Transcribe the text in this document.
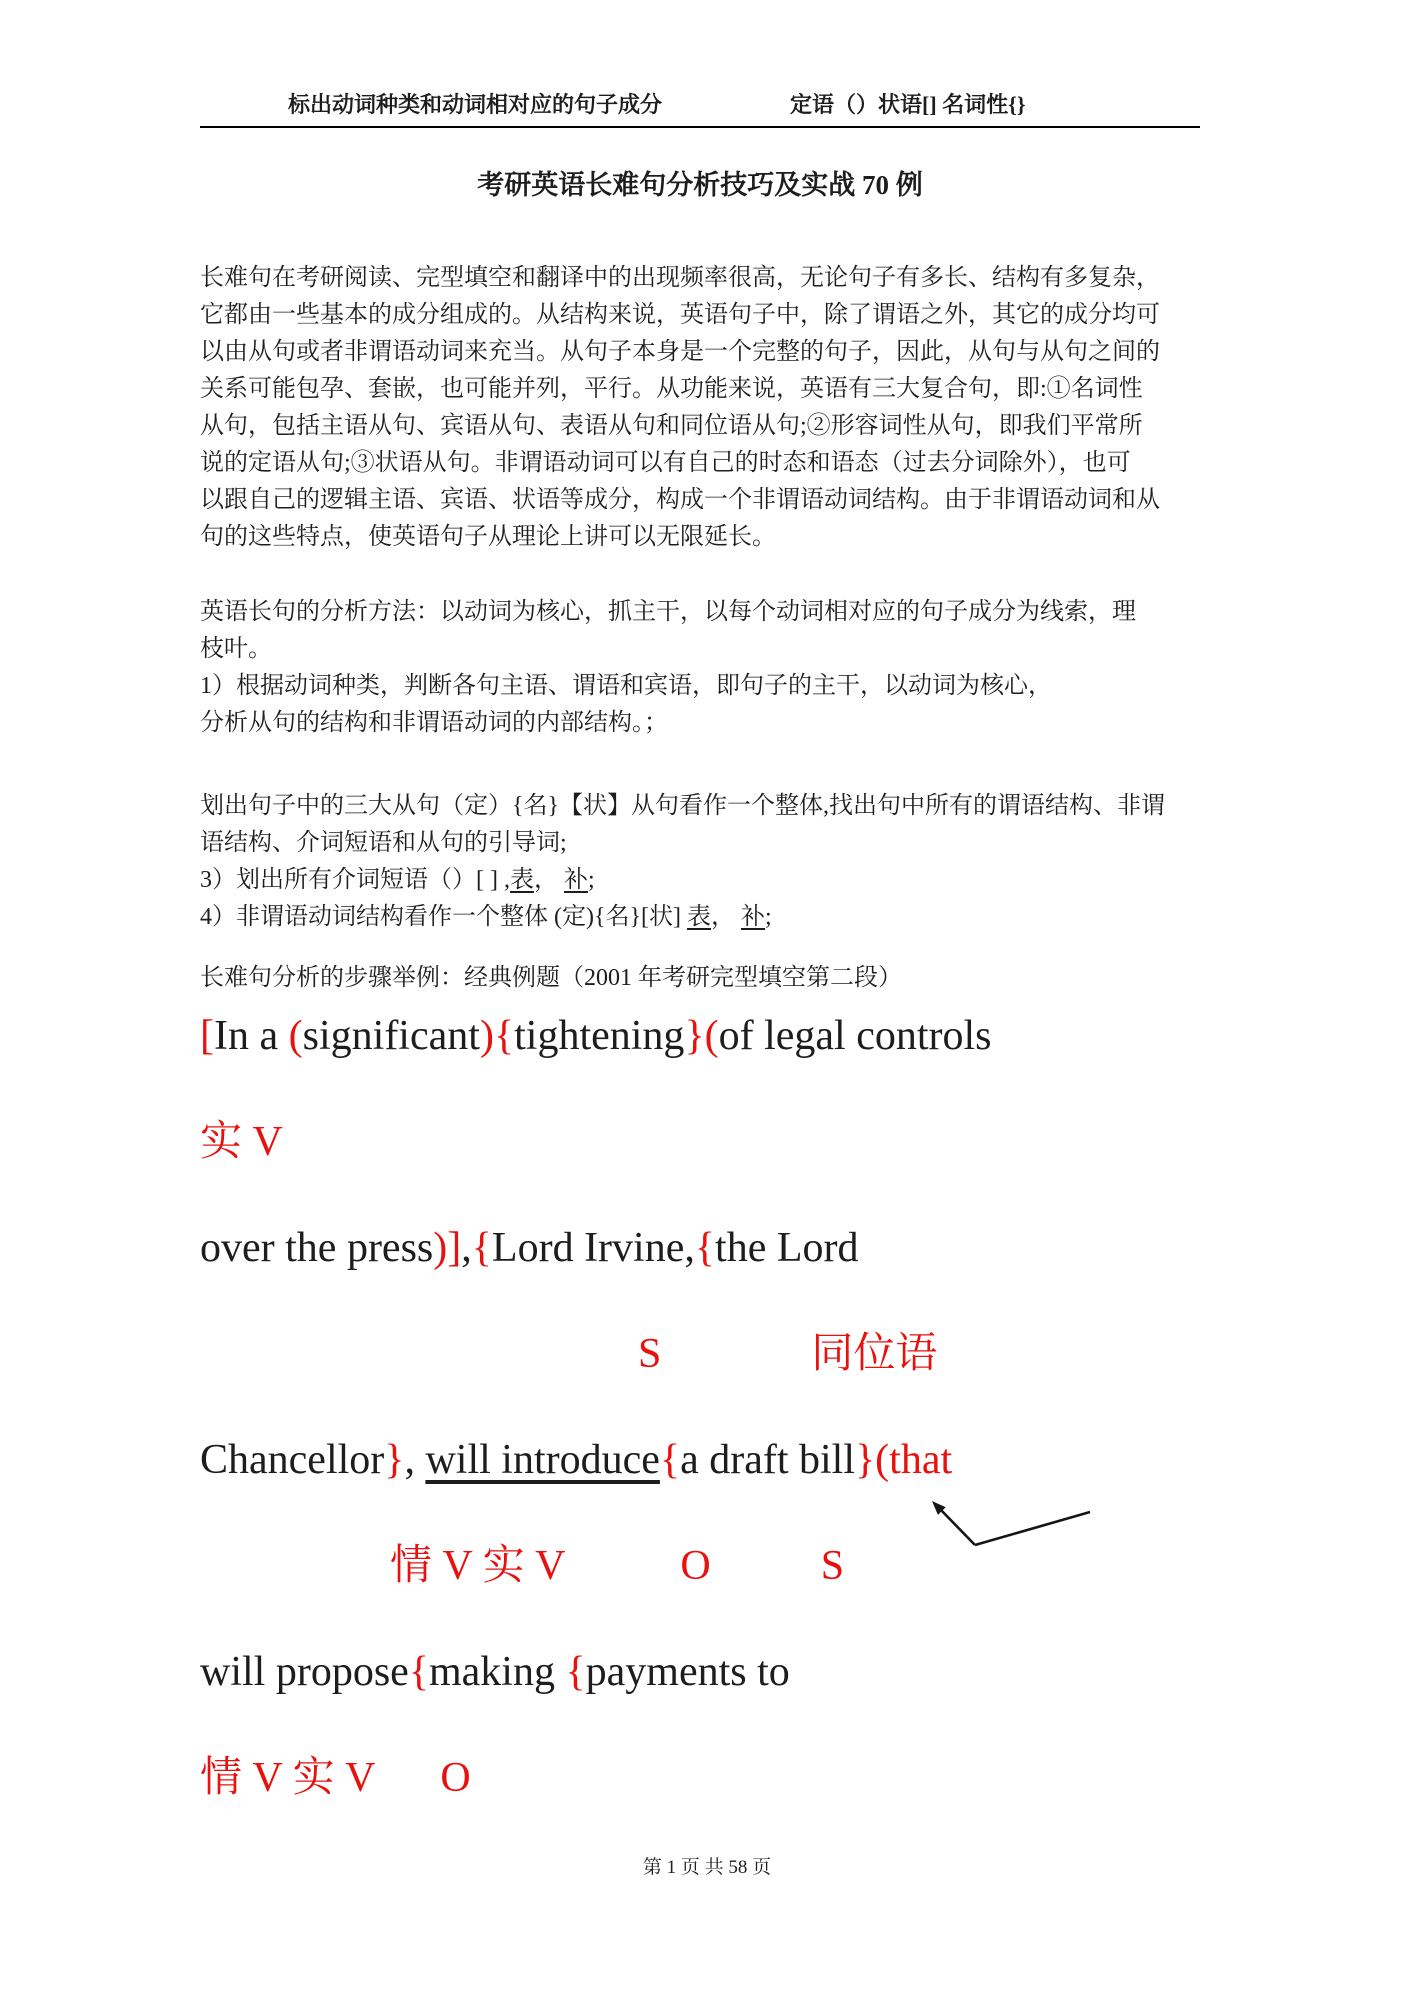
标出动词种类和动词相对应的句子成分	定语（）状语[] 名词性{}
考研英语长难句分析技巧及实战 70 例
长难句在考研阅读、完型填空和翻译中的出现频率很高，无论句子有多长、结构有多复杂，
它都由一些基本的成分组成的。从结构来说，英语句子中，除了谓语之外，其它的成分均可
以由从句或者非谓语动词来充当。从句子本身是一个完整的句子，因此，从句与从句之间的
关系可能包孕、套嵌，也可能并列，平行。从功能来说，英语有三大复合句，即:①名词性
从句，包括主语从句、宾语从句、表语从句和同位语从句;②形容词性从句，即我们平常所
说的定语从句;③状语从句。非谓语动词可以有自己的时态和语态（过去分词除外），也可
以跟自己的逻辑主语、宾语、状语等成分，构成一个非谓语动词结构。由于非谓语动词和从
句的这些特点，使英语句子从理论上讲可以无限延长。
英语长句的分析方法：以动词为核心，抓主干，以每个动词相对应的句子成分为线索，理
枝叶。
1）根据动词种类，判断各句主语、谓语和宾语，即句子的主干，以动词为核心，
分析从句的结构和非谓语动词的内部结构。；
划出句子中的三大从句（定）{名}【状】从句看作一个整体,找出句中所有的谓语结构、非谓
语结构、介词短语和从句的引导词;
3）划出所有介词短语（）[ ] ,表， 补;
4）非谓语动词结构看作一个整体 (定){名}[状] 表， 补;
长难句分析的步骤举例：经典例题（2001 年考研完型填空第二段）
[In a (significant){tightening}(of legal controls
实 V
over the press)],{Lord Irvine,{the Lord
S	同位语
Chancellor}, will introduce{a draft bill}(that
情 V 实 V	O	S
will propose{making {payments to
情 V 实 V O
第 1 页 共 58 页
